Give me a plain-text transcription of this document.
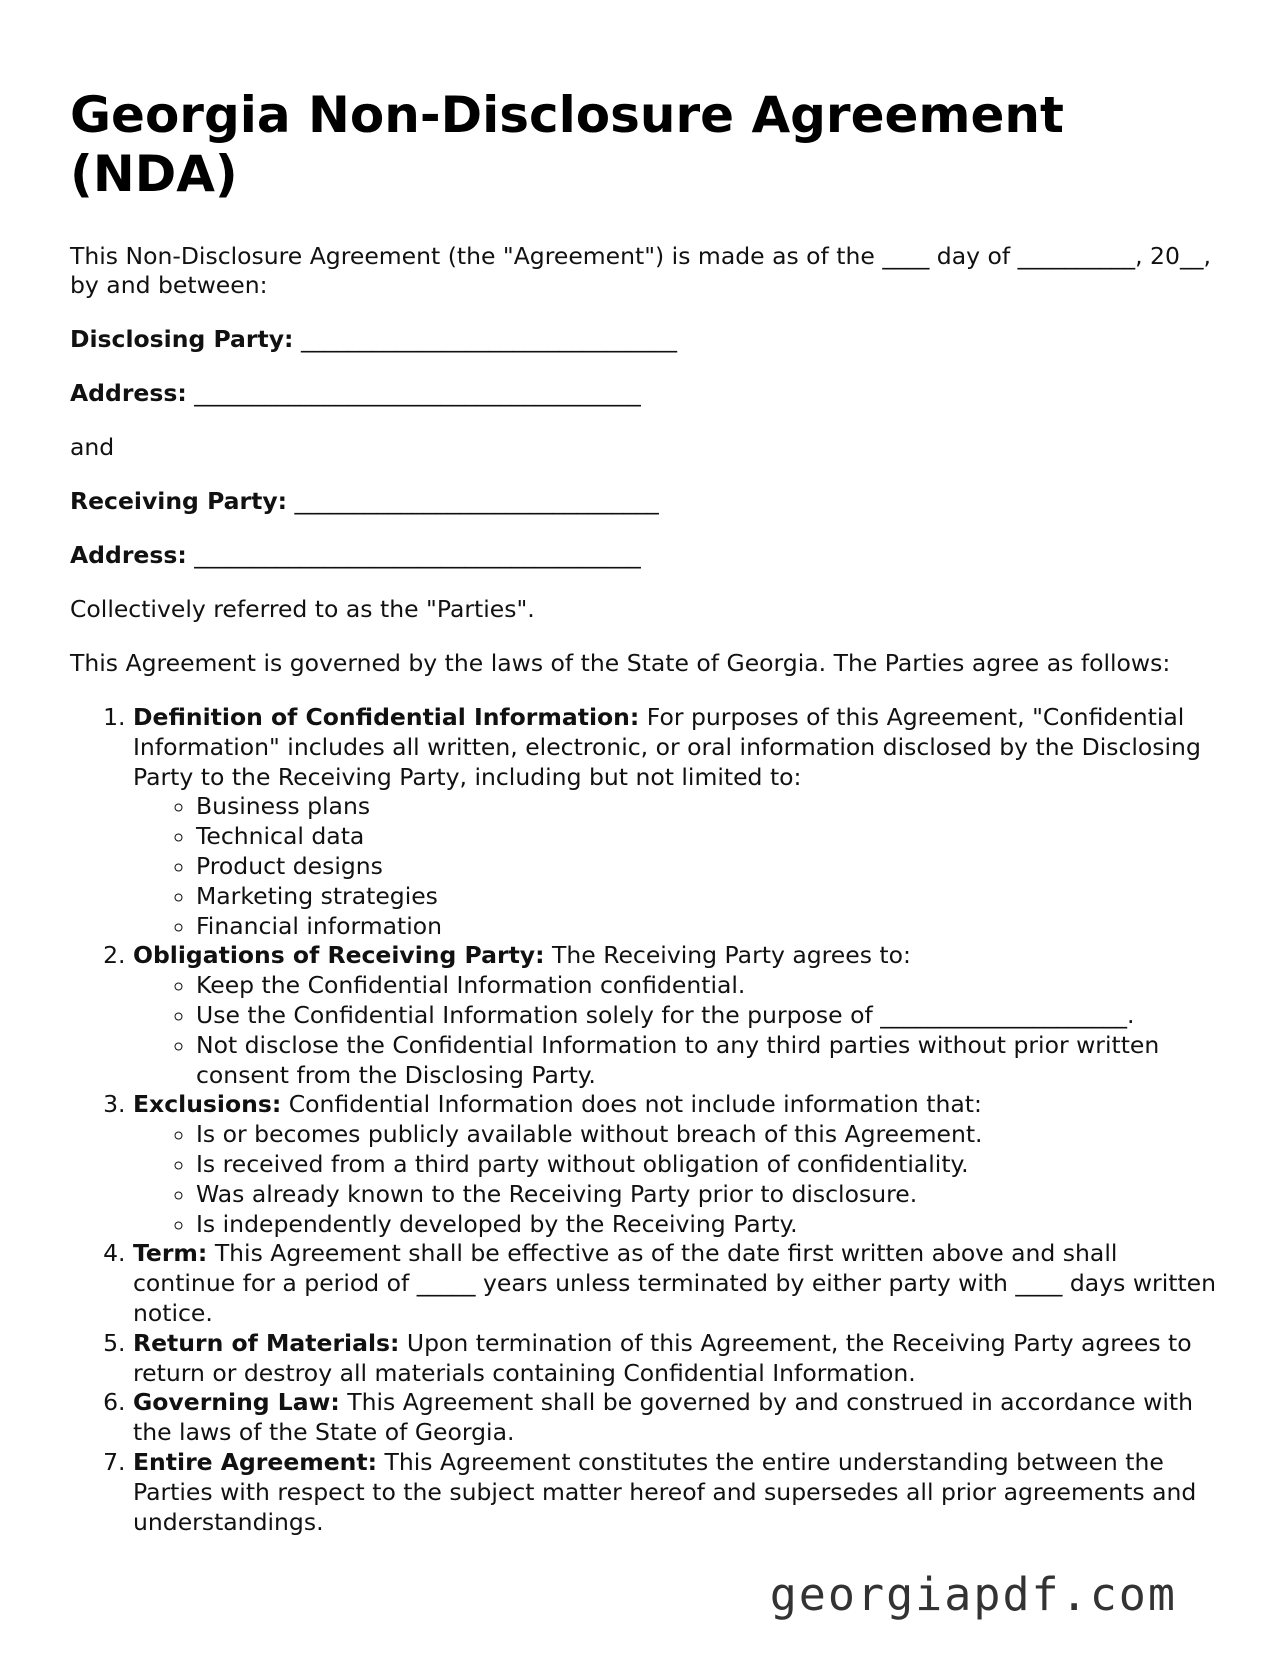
Georgia Non-Disclosure Agreement (NDA)

This Non-Disclosure Agreement (the "Agreement") is made as of the ____ day of __________, 20__, by and between:

Disclosing Party: ________________________________

Address: ______________________________________

and

Receiving Party: _______________________________

Address: ______________________________________

Collectively referred to as the "Parties".

This Agreement is governed by the laws of the State of Georgia. The Parties agree as follows:

1. Definition of Confidential Information: For purposes of this Agreement, "Confidential Information" includes all written, electronic, or oral information disclosed by the Disclosing Party to the Receiving Party, including but not limited to:
◦ Business plans
◦ Technical data
◦ Product designs
◦ Marketing strategies
◦ Financial information
2. Obligations of Receiving Party: The Receiving Party agrees to:
◦ Keep the Confidential Information confidential.
◦ Use the Confidential Information solely for the purpose of _____________________.
◦ Not disclose the Confidential Information to any third parties without prior written consent from the Disclosing Party.
3. Exclusions: Confidential Information does not include information that:
◦ Is or becomes publicly available without breach of this Agreement.
◦ Is received from a third party without obligation of confidentiality.
◦ Was already known to the Receiving Party prior to disclosure.
◦ Is independently developed by the Receiving Party.
4. Term: This Agreement shall be effective as of the date first written above and shall continue for a period of _____ years unless terminated by either party with ____ days written notice.
5. Return of Materials: Upon termination of this Agreement, the Receiving Party agrees to return or destroy all materials containing Confidential Information.
6. Governing Law: This Agreement shall be governed by and construed in accordance with the laws of the State of Georgia.
7. Entire Agreement: This Agreement constitutes the entire understanding between the Parties with respect to the subject matter hereof and supersedes all prior agreements and understandings.
georgiapdf.com
